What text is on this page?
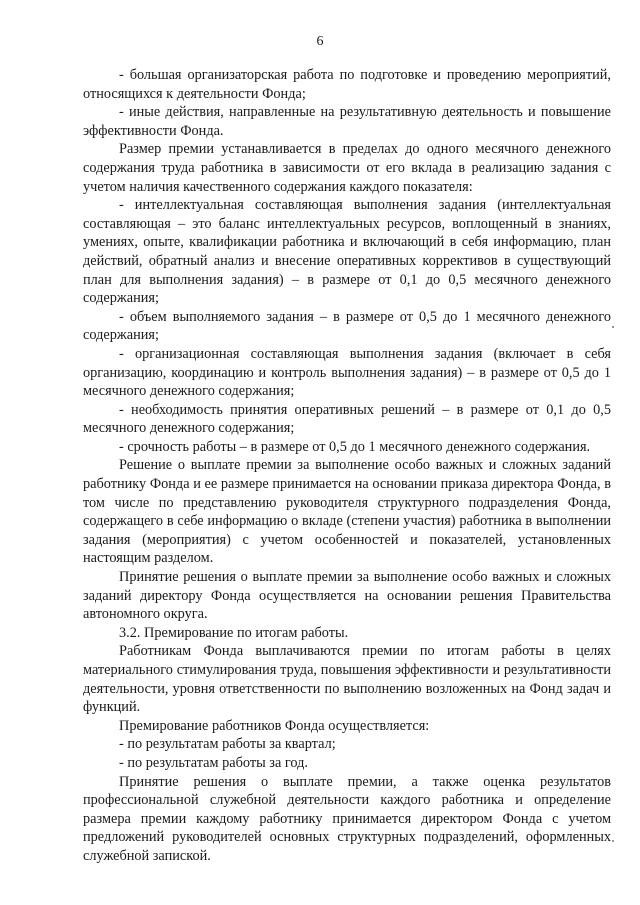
6

- большая организаторская работа по подготовке и проведению мероприятий, относящихся к деятельности Фонда;

- иные действия, направленные на результативную деятельность и повышение эффективности Фонда.

Размер премии устанавливается в пределах до одного месячного денежного содержания труда работника в зависимости от его вклада в реализацию задания с учетом наличия качественного содержания каждого показателя:

- интеллектуальная составляющая выполнения задания (интеллектуальная составляющая – это баланс интеллектуальных ресурсов, воплощенный в знаниях, умениях, опыте, квалификации работника и включающий в себя информацию, план действий, обратный анализ и внесение оперативных коррективов в существующий план для выполнения задания) – в размере от 0,1 до 0,5 месячного денежного содержания;

- объем выполняемого задания – в размере от 0,5 до 1 месячного денежного содержания;

- организационная составляющая выполнения задания (включает в себя организацию, координацию и контроль выполнения задания) – в размере от 0,5 до 1 месячного денежного содержания;

- необходимость принятия оперативных решений – в размере от 0,1 до 0,5 месячного денежного содержания;

- срочность работы – в размере от 0,5 до 1 месячного денежного содержания.

Решение о выплате премии за выполнение особо важных и сложных заданий работнику Фонда и ее размере принимается на основании приказа директора Фонда, в том числе по представлению руководителя структурного подразделения Фонда, содержащего в себе информацию о вкладе (степени участия) работника в выполнении задания (мероприятия) с учетом особенностей и показателей, установленных настоящим разделом.

Принятие решения о выплате премии за выполнение особо важных и сложных заданий директору Фонда осуществляется на основании решения Правительства автономного округа.

3.2. Премирование по итогам работы.

Работникам Фонда выплачиваются премии по итогам работы в целях материального стимулирования труда, повышения эффективности и результативности деятельности, уровня ответственности по выполнению возложенных на Фонд задач и функций.

Премирование работников Фонда осуществляется:

- по результатам работы за квартал;

- по результатам работы за год.

Принятие решения о выплате премии, а также оценка результатов профессиональной служебной деятельности каждого работника и определение размера премии каждому работнику принимается директором Фонда с учетом предложений руководителей основных структурных подразделений, оформленных служебной запиской.
